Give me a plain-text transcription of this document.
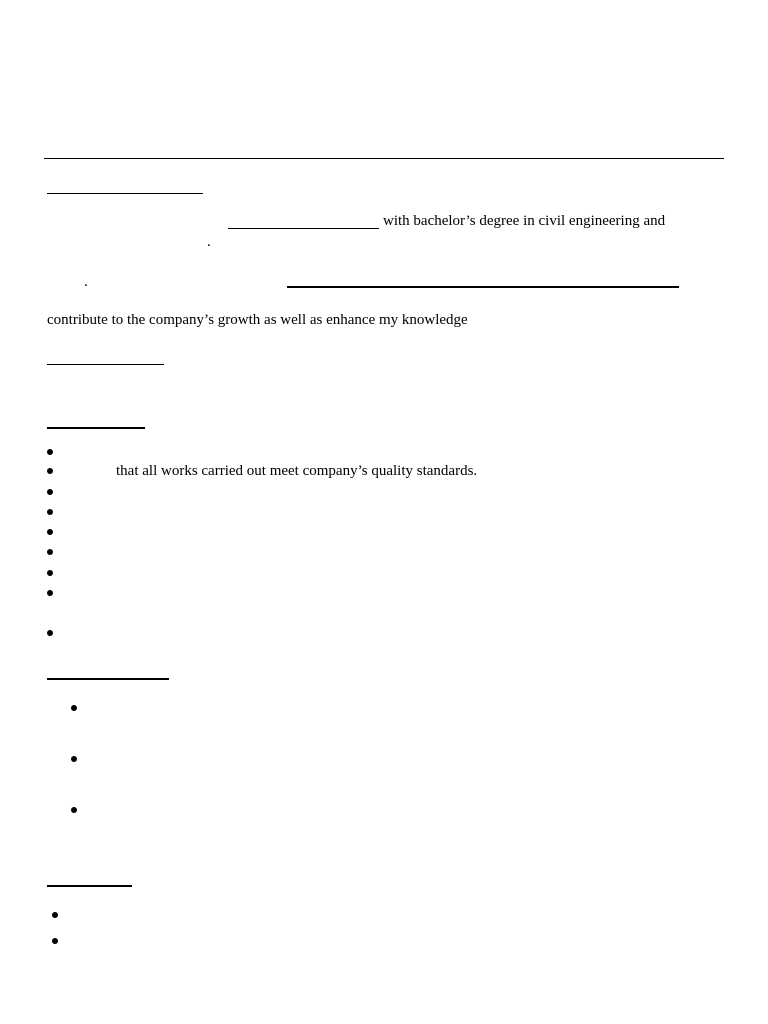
with bachelor’s degree in civil engineering and
.
.
contribute to the company’s growth as well as enhance my knowledge
that all works carried out meet company’s quality standards.
